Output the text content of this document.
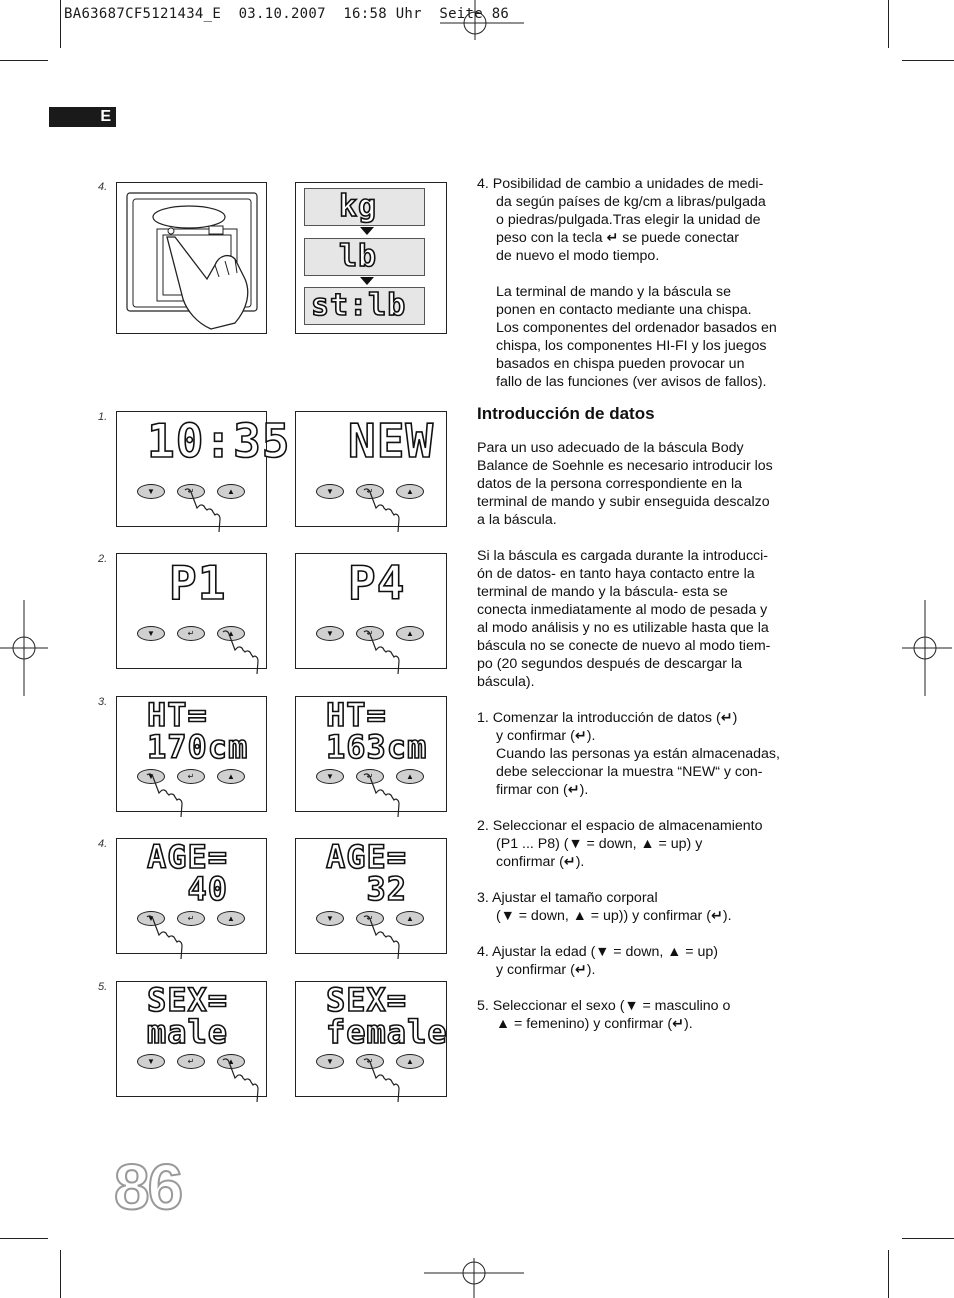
BA63687CF5121434_E  03.10.2007  16:58 Uhr  Seite 86
E
4.
kg
lb
st:lb
1. 10:35
▼	↵	▲
NEW
▼	↵	▲
2. P1
▼	↵	▲
P4
▼	↵	▲
3. HT=
170cm
▼	↵	▲
HT=
163cm
▼	↵	▲
4. AGE=
40
▼	↵	▲
AGE=
32
▼	↵	▲
5. SEX=
male
▼	↵	▲
SEX=
female
▼	↵	▲

4. Posibilidad de cambio a unidades de medi-
da según países de kg/cm a libras/pulgada
o piedras/pulgada.Tras elegir la unidad de
peso con la tecla ↵ se puede conectar
de nuevo el modo tiempo.

La terminal de mando y la báscula se
ponen en contacto mediante una chispa.
Los componentes del ordenador basados en
chispa, los componentes HI-FI y los juegos
basados en chispa pueden provocar un
fallo de las funciones (ver avisos de fallos).

Introducción de datos

Para un uso adecuado de la báscula Body
Balance de Soehnle es necesario introducir los
datos de la persona correspondiente en la
terminal de mando y subir enseguida descalzo
a la báscula.

Si la báscula es cargada durante la introducci-
ón de datos- en tanto haya contacto entre la
terminal de mando y la báscula- esta se
conecta inmediatamente al modo de pesada y
al modo análisis y no es utilizable hasta que la
báscula no se conecte de nuevo al modo tiem-
po (20 segundos después de descargar la
báscula).

1. Comenzar la introducción de datos (↵)
y confirmar (↵).
Cuando las personas ya están almacenadas,
debe seleccionar la muestra “NEW“ y con-
firmar con (↵).

2. Seleccionar el espacio de almacenamiento
(P1 ... P8) (▼ = down, ▲ = up) y
confirmar (↵).

3. Ajustar el tamaño corporal
(▼ = down, ▲ = up)) y confirmar (↵).

4. Ajustar la edad (▼ = down, ▲ = up)
y confirmar (↵).

5. Seleccionar el sexo (▼ = masculino o
▲ = femenino) y confirmar (↵).

86
